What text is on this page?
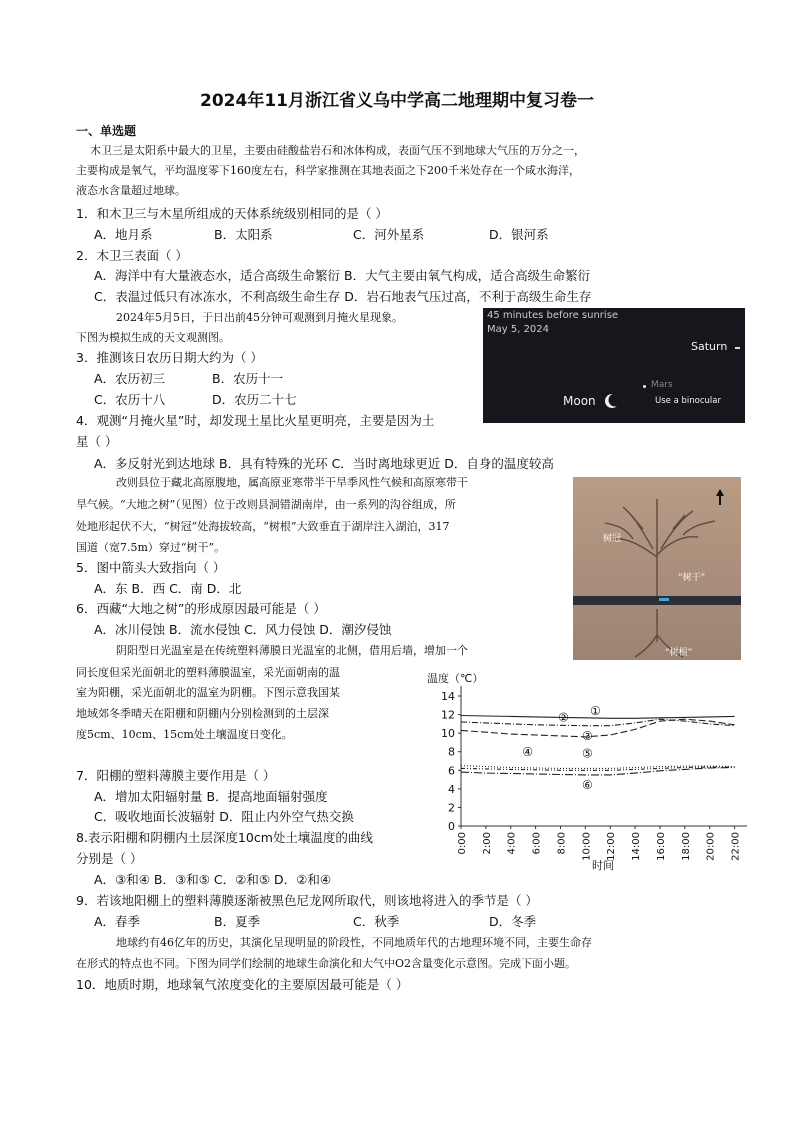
2024年11月浙江省义乌中学高二地理期中复习卷一
一、单选题
木卫三是太阳系中最大的卫星，主要由硅酸盐岩石和冰体构成，表面气压不到地球大气压的万分之一，
主要构成是氧气，平均温度零下160度左右，科学家推测在其地表面之下200千米处存在一个咸水海洋，
液态水含量超过地球。
1．和木卫三与木星所组成的天体系统级别相同的是（ ）
A．地月系	B．太阳系	C．河外星系	D．银河系
2．木卫三表面（ ）
A．海洋中有大量液态水，适合高级生命繁衍 B．大气主要由氧气构成，适合高级生命繁衍
C．表温过低只有冰冻水，不利高级生命生存 D．岩石地表气压过高，不利于高级生命生存
2024年5月5日，于日出前45分钟可观测到月掩火星现象。
下图为模拟生成的天文观测图。
45 minutes before sunrise
May 5, 2024
Saturn
Mars
Moon	Use a binocular
3．推测该日农历日期大约为（ ）
A．农历初三	B．农历十一
C．农历十八	D．农历二十七
4．观测“月掩火星”时，却发现土星比火星更明亮，主要是因为土
星（ ）
A．多反射光到达地球 B．具有特殊的光环 C．当时离地球更近 D．自身的温度较高
改则县位于藏北高原腹地，属高原亚寒带半干旱季风性气候和高原寒带干
旱气候。“大地之树”（见图）位于改则县洞错湖南岸，由一系列的沟谷组成，所
处地形起伏不大，“树冠”处海拔较高，“树根”大致垂直于湖岸注入湖泊，317
国道（宽7.5m）穿过“树干”。
树冠
“树干”
“树根”
5．图中箭头大致指向（ ）
A．东 B．西 C．南 D．北
6．西藏“大地之树”的形成原因最可能是（ ）
A．冰川侵蚀 B．流水侵蚀 C．风力侵蚀 D．潮汐侵蚀
阴阳型日光温室是在传统塑料薄膜日光温室的北侧，借用后墙，增加一个
同长度但采光面朝北的塑料薄膜温室，采光面朝南的温
室为阳棚，采光面朝北的温室为阴棚。下图示意我国某
地域郊冬季晴天在阳棚和阴棚内分别检测到的土层深
度5cm、10cm、15cm处土壤温度日变化。
温度（℃）
0
2
4
6
8
10
12
14
0:00 2:00 4:00 6:00 8:00 10:00 12:00 14:00 16:00 18:00 20:00 22:00
时间
①
②
③
④	⑤
⑥
7．阳棚的塑料薄膜主要作用是（ ）
A．增加太阳辐射量 B．提高地面辐射强度
C．吸收地面长波辐射 D．阻止内外空气热交换
8.表示阳棚和阴棚内土层深度10cm处土壤温度的曲线
分别是（ ）
A．③和④ B．③和⑤ C．②和⑤ D．②和④
9．若该地阳棚上的塑料薄膜逐渐被黑色尼龙网所取代，则该地将进入的季节是（ ）
A．春季	B．夏季	C．秋季	D．冬季
地球约有46亿年的历史，其演化呈现明显的阶段性，不同地质年代的古地理环境不同，主要生命存
在形式的特点也不同。下图为同学们绘制的地球生命演化和大气中O2含量变化示意图。完成下面小题。
10．地质时期，地球氧气浓度变化的主要原因最可能是（ ）
